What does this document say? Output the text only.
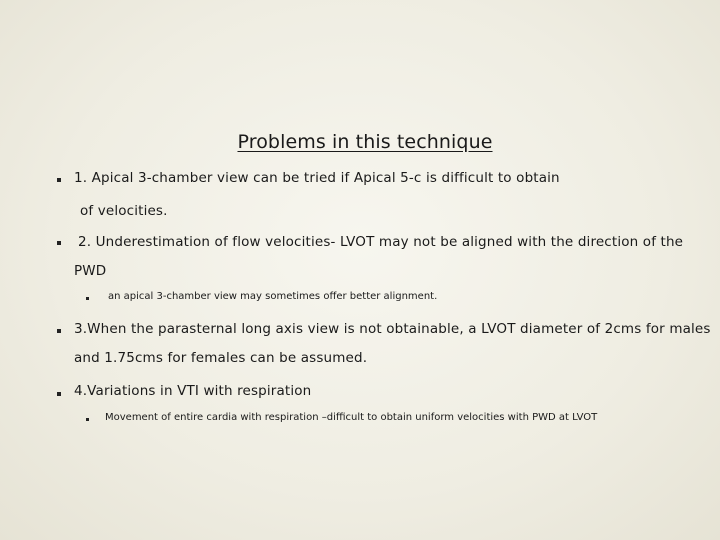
Problems in this technique
1. Apical 3-chamber view can be tried if Apical 5-c is difficult to obtain
of velocities.
2. Underestimation of flow velocities- LVOT may not be aligned with the direction of the
PWD
an apical 3-chamber view may sometimes offer better alignment.
3.When the parasternal long axis view is not obtainable, a LVOT diameter of 2cms for males
and 1.75cms for females can be assumed.
4.Variations in VTI with respiration
Movement of entire cardia with respiration –difficult to obtain uniform velocities with PWD at LVOT
